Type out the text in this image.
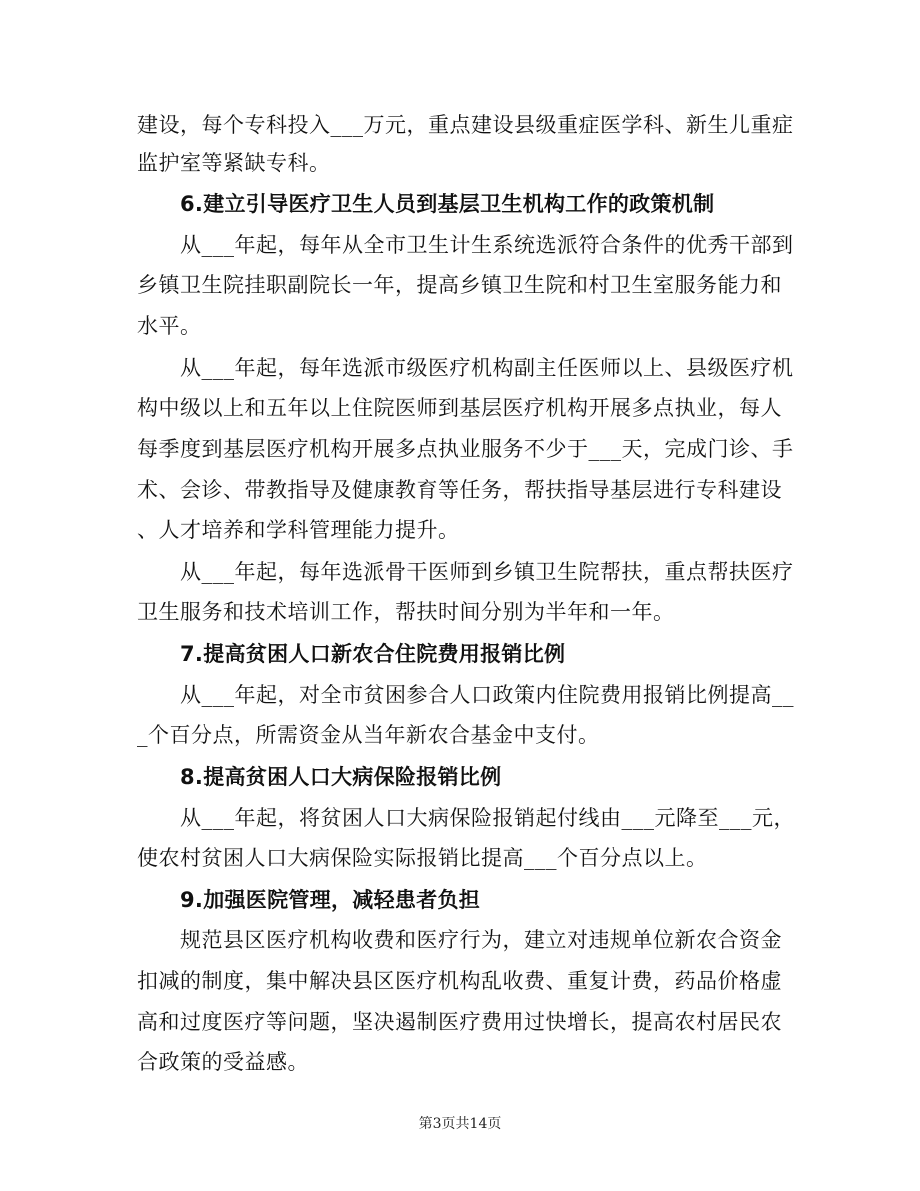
建设，每个专科投入___万元，重点建设县级重症医学科、新生儿重症
监护室等紧缺专科。
6.建立引导医疗卫生人员到基层卫生机构工作的政策机制
从___年起，每年从全市卫生计生系统选派符合条件的优秀干部到
乡镇卫生院挂职副院长一年，提高乡镇卫生院和村卫生室服务能力和
水平。
从___年起，每年选派市级医疗机构副主任医师以上、县级医疗机
构中级以上和五年以上住院医师到基层医疗机构开展多点执业，每人
每季度到基层医疗机构开展多点执业服务不少于___天，完成门诊、手
术、会诊、带教指导及健康教育等任务，帮扶指导基层进行专科建设
、人才培养和学科管理能力提升。
从___年起，每年选派骨干医师到乡镇卫生院帮扶，重点帮扶医疗
卫生服务和技术培训工作，帮扶时间分别为半年和一年。
7.提高贫困人口新农合住院费用报销比例
从___年起，对全市贫困参合人口政策内住院费用报销比例提高__
_个百分点，所需资金从当年新农合基金中支付。
8.提高贫困人口大病保险报销比例
从___年起，将贫困人口大病保险报销起付线由___元降至___元，
使农村贫困人口大病保险实际报销比提高___个百分点以上。
9.加强医院管理，减轻患者负担
规范县区医疗机构收费和医疗行为，建立对违规单位新农合资金
扣减的制度，集中解决县区医疗机构乱收费、重复计费，药品价格虚
高和过度医疗等问题，坚决遏制医疗费用过快增长，提高农村居民农
合政策的受益感。
第3页共14页
